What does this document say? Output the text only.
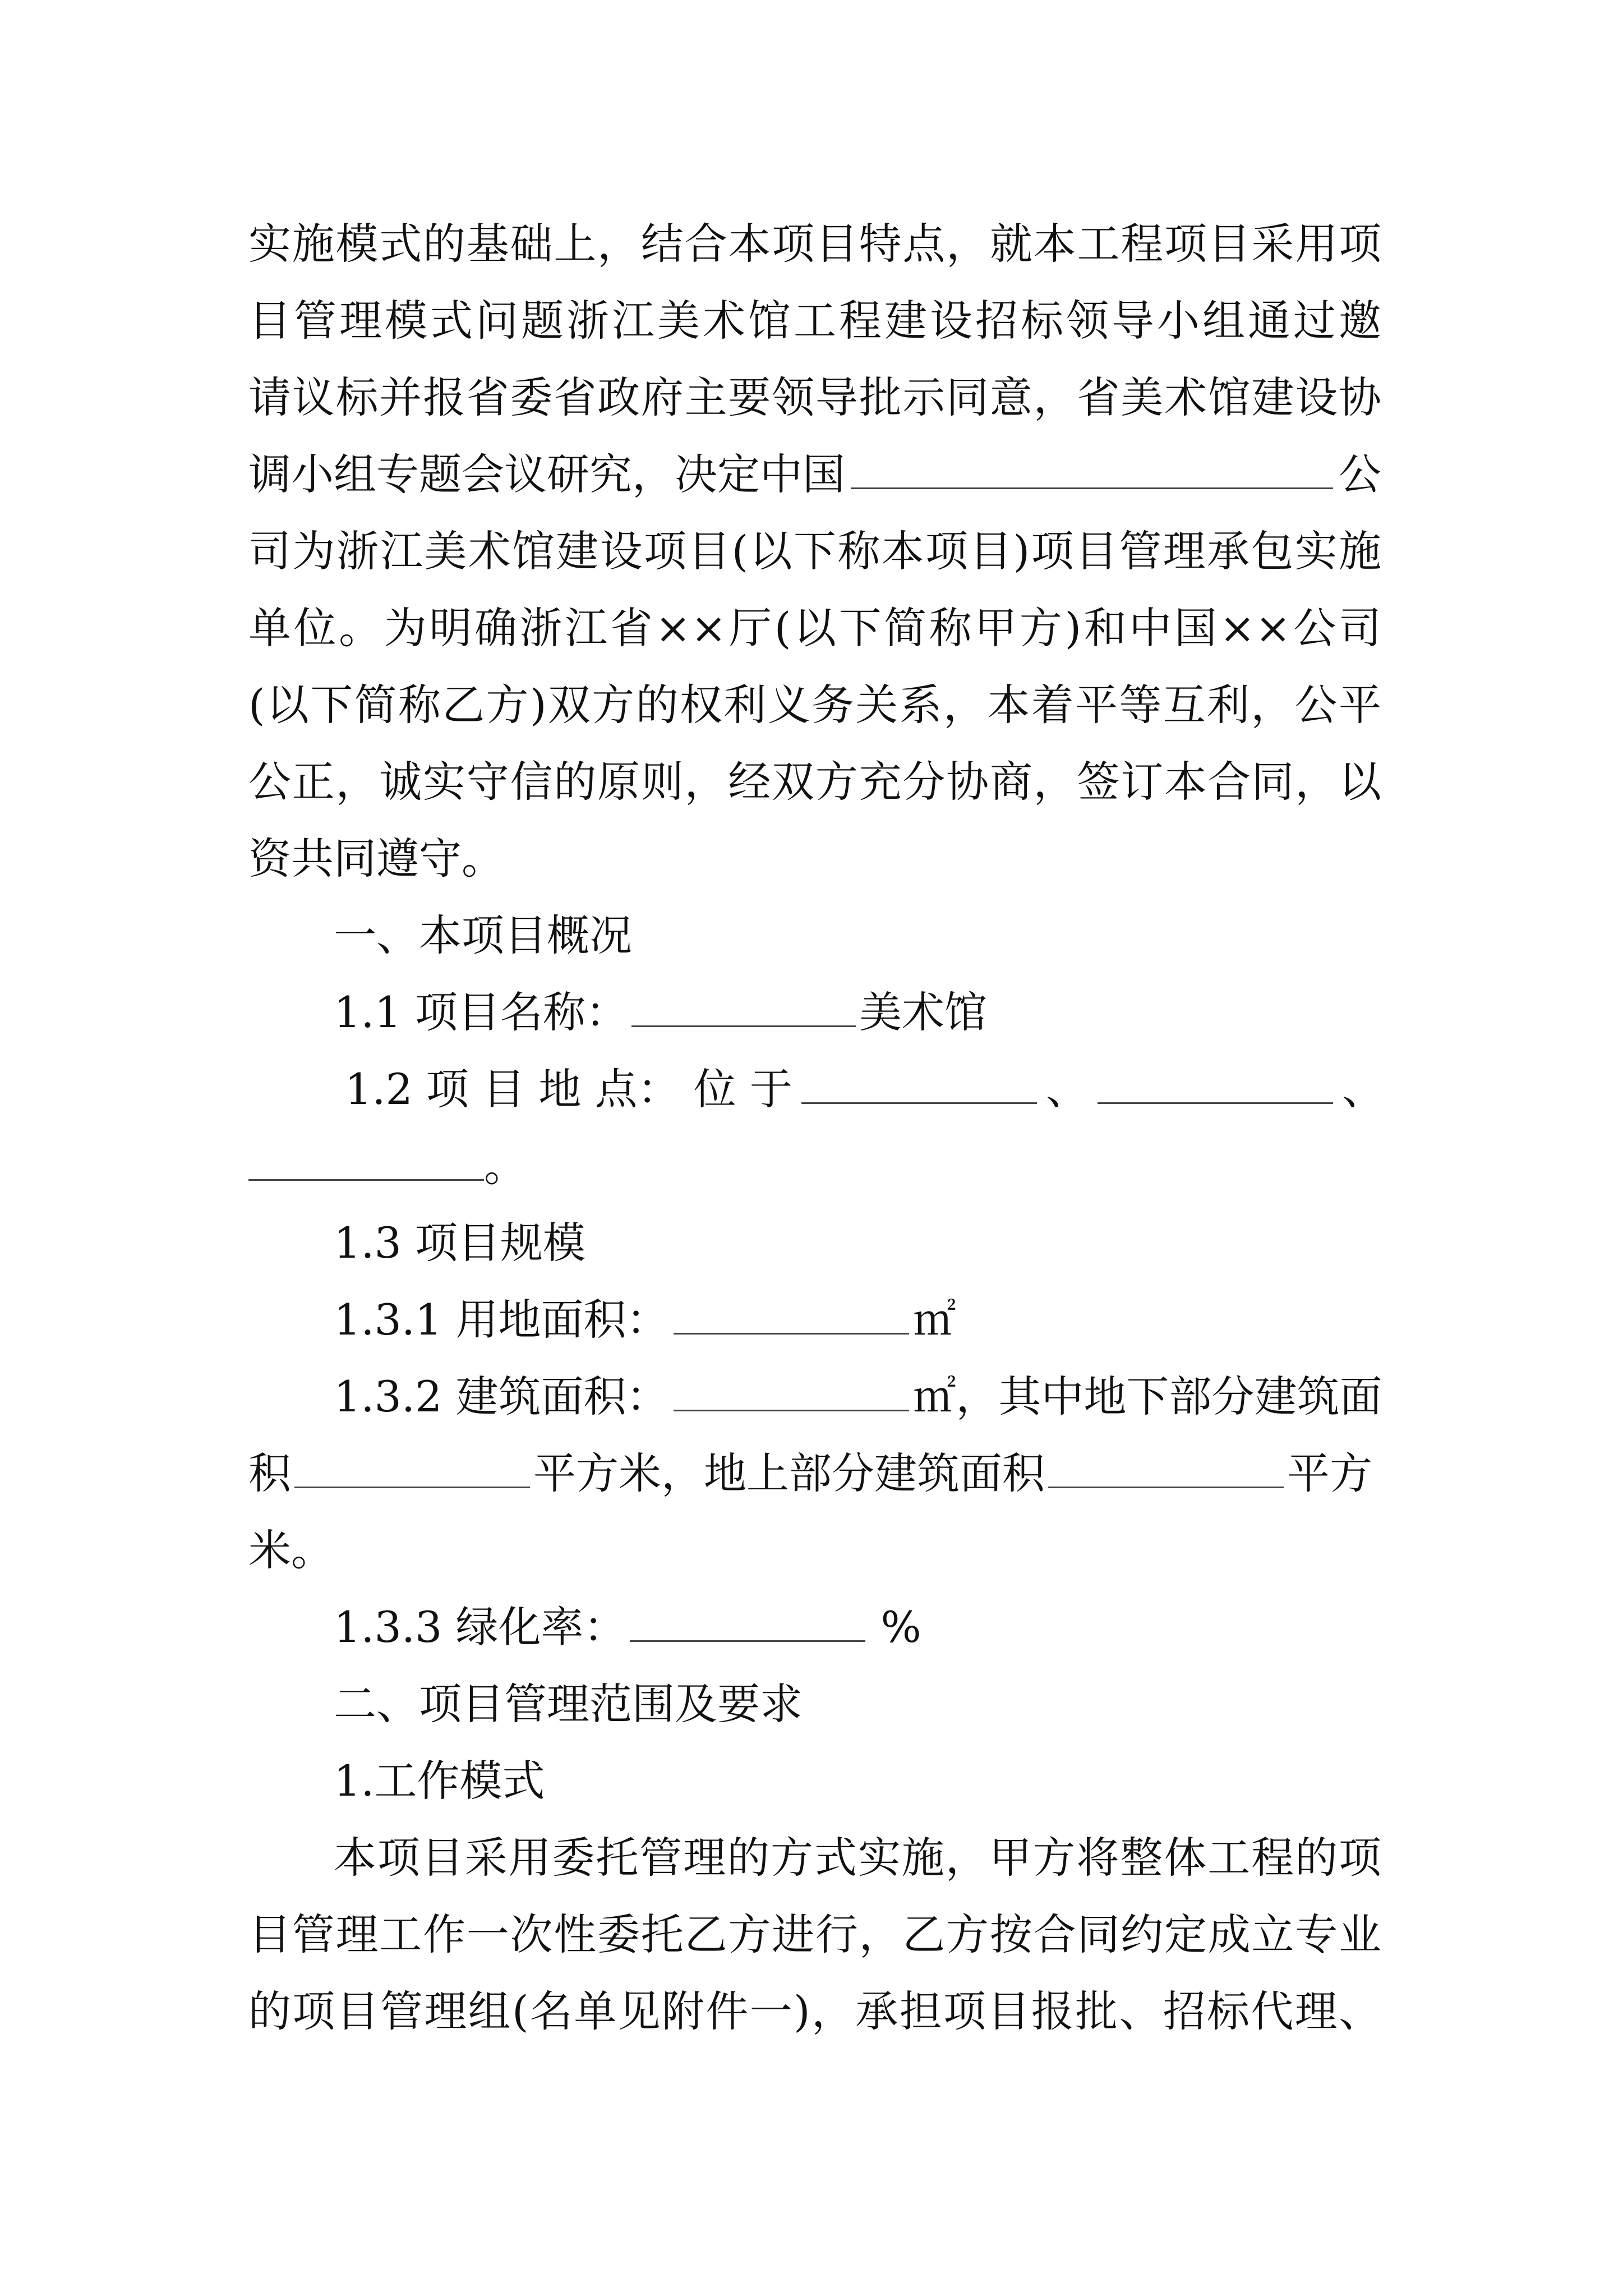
实施模式的基础上，结合本项目特点，就本工程项目采用项
目管理模式问题浙江美术馆工程建设招标领导小组通过邀
请议标并报省委省政府主要领导批示同意，省美术馆建设协
调小组专题会议研究，决定中国	公
司为浙江美术馆建设项目(以下称本项目)项目管理承包实施
单位。为明确浙江省××厅(以下简称甲方)和中国××公司
(以下简称乙方)双方的权利义务关系，本着平等互利，公平
公正，诚实守信的原则，经双方充分协商，签订本合同，以
资共同遵守。
一、本项目概况
1.1 项目名称：	美术馆
1.2 项 目 地 点： 位 于	、	、
。
1.3 项目规模
1.3.1 用地面积：	㎡
1.3.2 建筑面积：	㎡，其中地下部分建筑面
积	平方米，地上部分建筑面积	平方
米。
1.3.3 绿化率：	%
二、项目管理范围及要求
1.工作模式
本项目采用委托管理的方式实施，甲方将整体工程的项
目管理工作一次性委托乙方进行，乙方按合同约定成立专业
的项目管理组(名单见附件一)，承担项目报批、招标代理、
